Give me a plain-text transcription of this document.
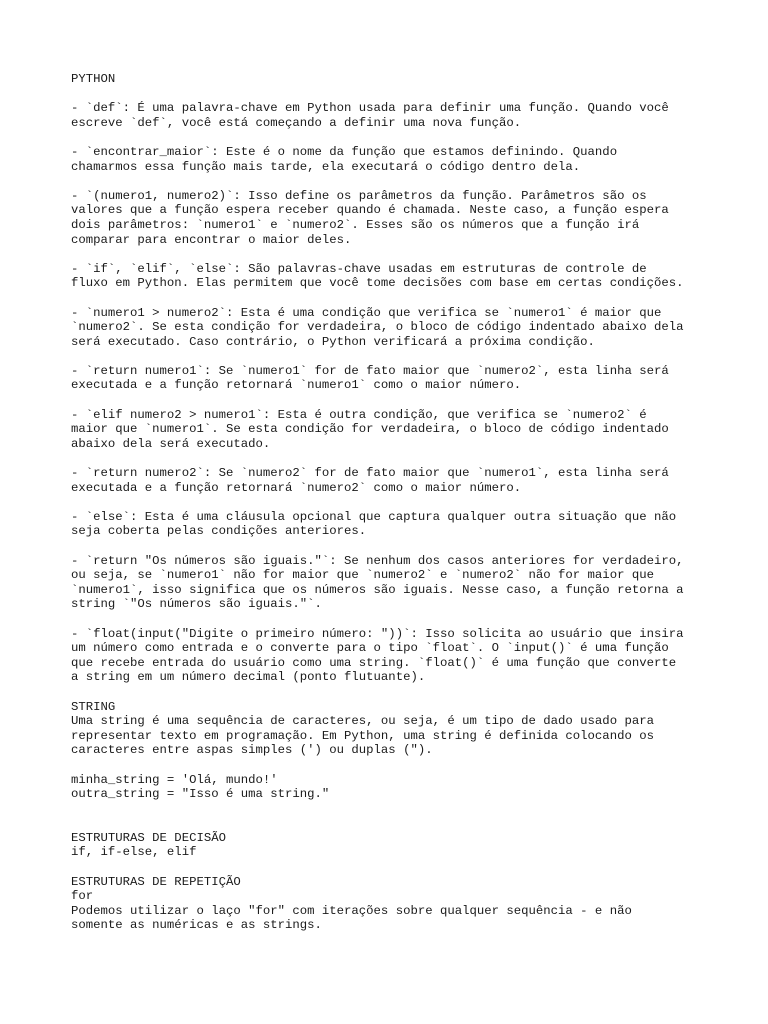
PYTHON
- `def`: É uma palavra-chave em Python usada para definir uma função. Quando você
escreve `def`, você está começando a definir uma nova função.
- `encontrar_maior`: Este é o nome da função que estamos definindo. Quando
chamarmos essa função mais tarde, ela executará o código dentro dela.
- `(numero1, numero2)`: Isso define os parâmetros da função. Parâmetros são os
valores que a função espera receber quando é chamada. Neste caso, a função espera
dois parâmetros: `numero1` e `numero2`. Esses são os números que a função irá
comparar para encontrar o maior deles.
- `if`, `elif`, `else`: São palavras-chave usadas em estruturas de controle de
fluxo em Python. Elas permitem que você tome decisões com base em certas condições.
- `numero1 > numero2`: Esta é uma condição que verifica se `numero1` é maior que
`numero2`. Se esta condição for verdadeira, o bloco de código indentado abaixo dela
será executado. Caso contrário, o Python verificará a próxima condição.
- `return numero1`: Se `numero1` for de fato maior que `numero2`, esta linha será
executada e a função retornará `numero1` como o maior número.
- `elif numero2 > numero1`: Esta é outra condição, que verifica se `numero2` é
maior que `numero1`. Se esta condição for verdadeira, o bloco de código indentado
abaixo dela será executado.
- `return numero2`: Se `numero2` for de fato maior que `numero1`, esta linha será
executada e a função retornará `numero2` como o maior número.
- `else`: Esta é uma cláusula opcional que captura qualquer outra situação que não
seja coberta pelas condições anteriores.
- `return "Os números são iguais."`: Se nenhum dos casos anteriores for verdadeiro,
ou seja, se `numero1` não for maior que `numero2` e `numero2` não for maior que
`numero1`, isso significa que os números são iguais. Nesse caso, a função retorna a
string `"Os números são iguais."`.
- `float(input("Digite o primeiro número: "))`: Isso solicita ao usuário que insira
um número como entrada e o converte para o tipo `float`. O `input()` é uma função
que recebe entrada do usuário como uma string. `float()` é uma função que converte
a string em um número decimal (ponto flutuante).
STRING
Uma string é uma sequência de caracteres, ou seja, é um tipo de dado usado para
representar texto em programação. Em Python, uma string é definida colocando os
caracteres entre aspas simples (') ou duplas (").
minha_string = 'Olá, mundo!'
outra_string = "Isso é uma string."
ESTRUTURAS DE DECISÃO
if, if-else, elif
ESTRUTURAS DE REPETIÇÃO
for
Podemos utilizar o laço "for" com iterações sobre qualquer sequência - e não
somente as numéricas e as strings.
